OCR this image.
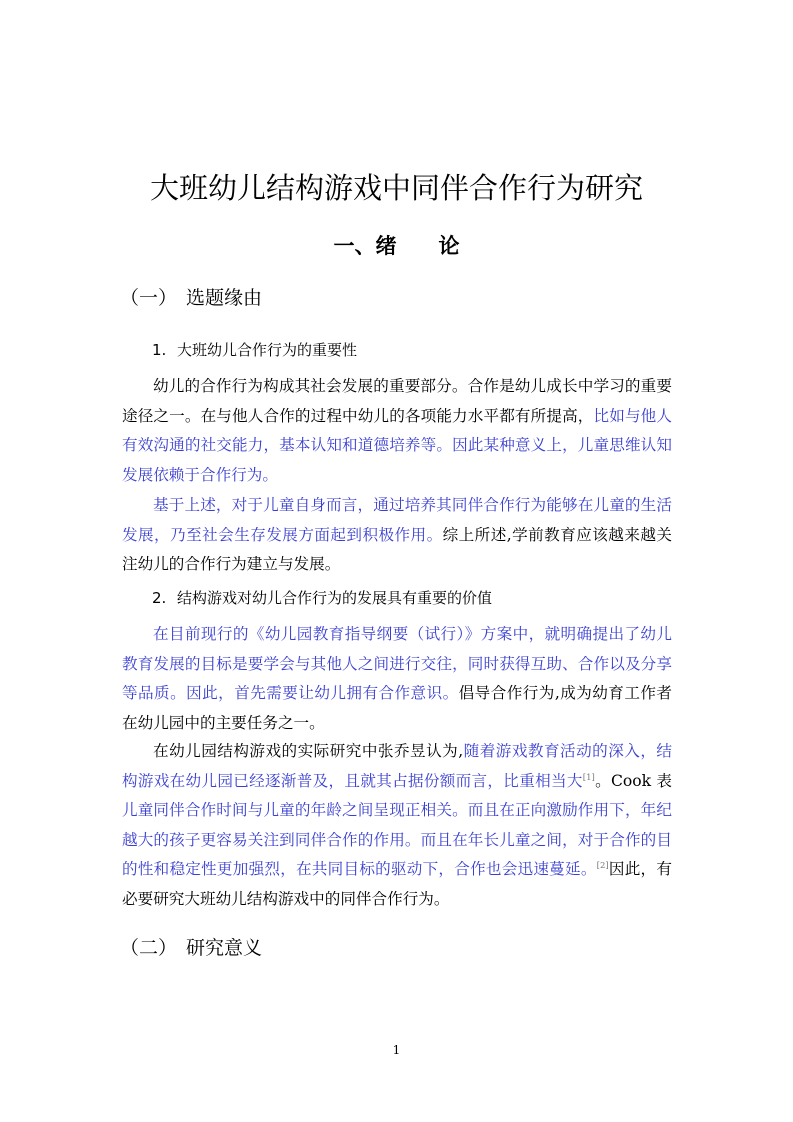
大班幼儿结构游戏中同伴合作行为研究
一、绪　　论
（一） 选题缘由
1. 大班幼儿合作行为的重要性
幼儿的合作行为构成其社会发展的重要部分。合作是幼儿成长中学习的重要
途径之一。在与他人合作的过程中幼儿的各项能力水平都有所提高，比如与他人
有效沟通的社交能力，基本认知和道德培养等。因此某种意义上，儿童思维认知
发展依赖于合作行为。
基于上述，对于儿童自身而言，通过培养其同伴合作行为能够在儿童的生活
发展，乃至社会生存发展方面起到积极作用。综上所述,学前教育应该越来越关
注幼儿的合作行为建立与发展。
2. 结构游戏对幼儿合作行为的发展具有重要的价值
在目前现行的《幼儿园教育指导纲要（试行）》方案中，就明确提出了幼儿
教育发展的目标是要学会与其他人之间进行交往，同时获得互助、合作以及分享
等品质。因此，首先需要让幼儿拥有合作意识。倡导合作行为,成为幼育工作者
在幼儿园中的主要任务之一。
在幼儿园结构游戏的实际研究中张乔昱认为,随着游戏教育活动的深入，结
构游戏在幼儿园已经逐渐普及，且就其占据份额而言，比重相当大[1]。Cook 表
儿童同伴合作时间与儿童的年龄之间呈现正相关。而且在正向激励作用下，年纪
越大的孩子更容易关注到同伴合作的作用。而且在年长儿童之间，对于合作的目
的性和稳定性更加强烈，在共同目标的驱动下，合作也会迅速蔓延。[2]因此，有
必要研究大班幼儿结构游戏中的同伴合作行为。
（二） 研究意义
1
